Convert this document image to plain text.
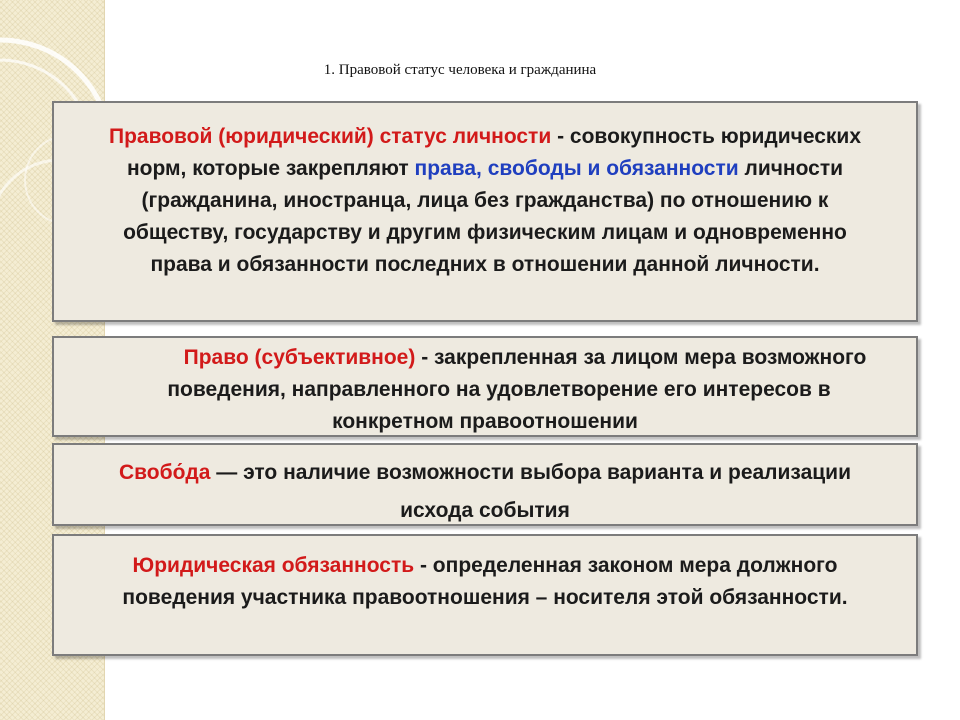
1. Правовой статус человека и гражданина

Правовой (юридический) статус личности - совокупность юридических норм, которые закрепляют права, свободы и обязанности личности (гражданина, иностранца, лица без гражданства) по отношению к обществу, государству и другим физическим лицам и одновременно права и обязанности последних в отношении данной личности.

Право (субъективное) - закрепленная за лицом мера возможного
поведения, направленного на удовлетворение его интересов в
конкретном правоотношении

Свобо́да — это наличие возможности выбора варианта и реализации исхода события

Юридическая обязанность - определенная законом мера должного поведения участника правоотношения – носителя этой обязанности.
